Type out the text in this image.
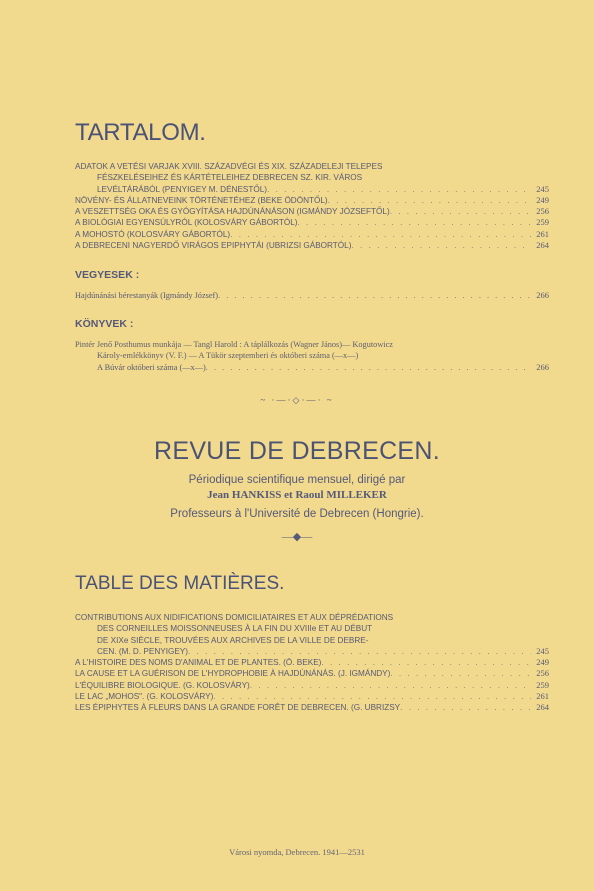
TARTALOM.
ADATOK A VETÉSI VARJAK XVIII. SZÁZADVÉGI ÉS XIX. SZÁZADELEJI TELEPES
FÉSZKELÉSEIHEZ ÉS KÁRTÉTELEIHEZ DEBRECEN SZ. KIR. VÁROS
LEVÉLTÁRÁBÓL (PENYIGEY M. DÉNESTŐL) . . .	245
NÖVÉNY- ÉS ÁLLATNEVEINK TÖRTÉNETÉHEZ (BEKE ÖDÖNTŐL) . . .	249
A VESZETTSÉG OKA ÉS GYÓGYÍTÁSA HAJDÚNÁNÁSON (IGMÁNDY JÓZSEFTŐL) . . .	256
A BIOLÓGIAI EGYENSÚLYRÓL (KOLOSVÁRY GÁBORTÓL) . . .	259
A MOHOSTÓ (KOLOSVÁRY GÁBORTÓL) . . .	261
A DEBRECENI NAGYERDŐ VIRÁGOS EPIPHYTÁI (UBRIZSI GÁBORTÓL) . . .	264
VEGYESEK :
Hajdúnánási bérestanyák (Igmándy József) . . .	266
KÖNYVEK :
Pintér Jenő Posthumus munkája — Tangl Harold : A táplálkozás (Wagner János)— Kogutowicz
Károly-emlékkönyv (V. F.) — A Tükör szeptemberi és októberi száma (—x—)
A Búvár októberi száma (—x—) . . .	266
~ ·—·◇·—· ~
REVUE DE DEBRECEN.
Périodique scientifique mensuel, dirigé par
Jean HANKISS et Raoul MILLEKER
Professeurs à l'Université de Debrecen (Hongrie).
—◆—
TABLE DES MATIÈRES.
CONTRIBUTIONS AUX NIDIFICATIONS DOMICILIATAIRES ET AUX DÉPRÉDATIONS
DES CORNEILLES MOISSONNEUSES À LA FIN DU XVIIIe ET AU DÉBUT
DE XIXe SIÈCLE, TROUVÉES AUX ARCHIVES DE LA VILLE DE DEBRE-
CEN. (M. D. PENYIGEY) . . .	245
A L'HISTOIRE DES NOMS D'ANIMAL ET DE PLANTES. (Ö. BEKE) . . .	249
LA CAUSE ET LA GUÉRISON DE L'HYDROPHOBIE À HAJDÚNÁNÁS. (J. IGMÁNDY) . . .	256
L'ÉQUILIBRE BIOLOGIQUE. (G. KOLOSVÁRY) . . .	259
LE LAC „MOHOS". (G. KOLOSVÁRY) . . .	261
LES ÉPIPHYTES À FLEURS DANS LA GRANDE FORÊT DE DEBRECEN. (G. UBRIZSY . . .	264
Városi nyomda, Debrecen. 1941—2531
